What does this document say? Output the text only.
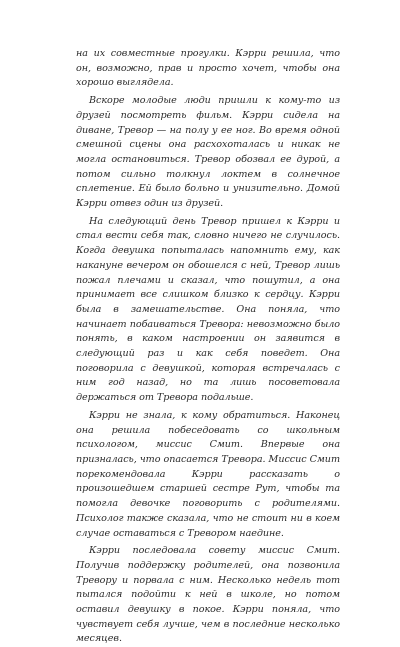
на их совместные прогулки. Кэрри решила, что он, возможно, прав и просто хочет, чтобы она хорошо выглядела.

Вскоре молодые люди пришли к кому-то из друзей посмотреть фильм. Кэрри сидела на диване, Тревор — на полу у ее ног. Во время одной смешной сцены она расхохоталась и никак не могла остановиться. Тревор обозвал ее дурой, а потом сильно толкнул локтем в солнечное сплетение. Ей было больно и унизительно. Домой Кэрри отвез один из друзей.

На следующий день Тревор пришел к Кэрри и стал вести себя так, словно ничего не случилось. Когда девушка попыталась напомнить ему, как накануне вечером он обошелся с ней, Тревор лишь пожал плечами и сказал, что пошутил, а она принимает все слишком близко к сердцу. Кэрри была в замешательстве. Она поняла, что начинает побаиваться Тревора: невозможно было понять, в каком настроении он заявится в следующий раз и как себя поведет. Она поговорила с девушкой, которая встречалась с ним год назад, но та лишь посоветовала держаться от Тревора подальше.

Кэрри не знала, к кому обратиться. Наконец она решила побеседовать со школьным психологом, миссис Смит. Впервые она призналась, что опасается Тревора. Миссис Смит порекомендовала Кэрри рассказать о произошедшем старшей сестре Рут, чтобы та помогла девочке поговорить с родителями. Психолог также сказала, что не стоит ни в коем случае оставаться с Тревором наедине.

Кэрри последовала совету миссис Смит. Получив поддержку родителей, она позвонила Тревору и порвала с ним. Несколько недель тот пытался подойти к ней в школе, но потом оставил девушку в покое. Кэрри поняла, что чувствует себя лучше, чем в последние несколько месяцев.
